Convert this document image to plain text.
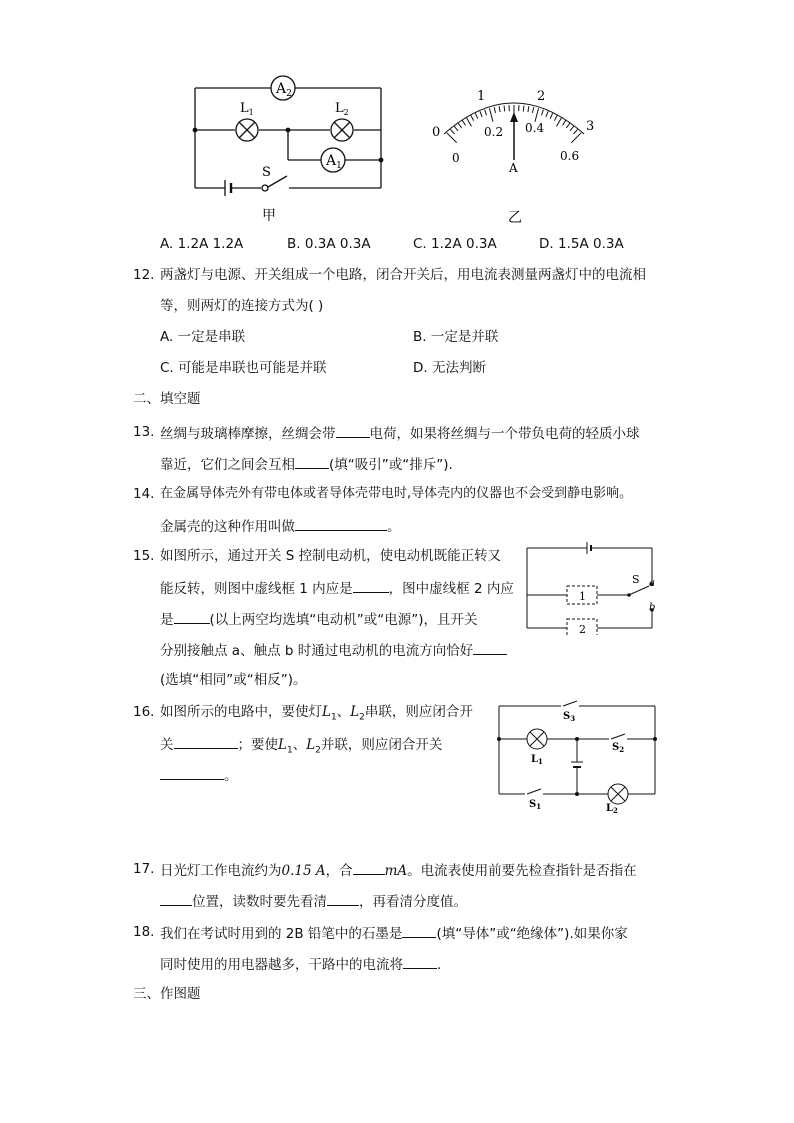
$A_2$
$A_1$
$L_1$	$L_2$
S
甲
0
1	2
3
0
0.2 0.4
0.6
A
乙
A. 1.2A 1.2A	B. 0.3A 0.3A	C. 1.2A 0.3A	D. 1.5A 0.3A
12. 两盏灯与电源、开关组成一个电路，闭合开关后，用电流表测量两盏灯中的电流相
等，则两灯的连接方式为( )
A. 一定是串联	B. 一定是并联
C. 可能是串联也可能是并联	D. 无法判断
二、填空题
13. 丝绸与玻璃棒摩擦，丝绸会带	电荷，如果将丝绸与一个带负电荷的轻质小球
靠近，它们之间会互相	(填“吸引”或“排斥”).
14. 在金属导体壳外有带电体或者导体壳带电时,导体壳内的仪器也不会受到静电影响。
金属壳的这种作用叫做	。
15. 如图所示，通过开关 S 控制电动机，使电动机既能正转又
能反转，则图中虚线框 1 内应是	，图中虚线框 2 内应
是	(以上两空均选填“电动机”或“电源”)，且开关
分别接触点 a、触点 b 时通过电动机的电流方向恰好
(选填“相同”或“相反”)。
1
2
S a
b
16. 如图所示的电路中，要使灯$L_1$、$L_2$串联，则应闭合开
关	；要使$L_1$、$L_2$并联，则应闭合开关
。
$S_3$
$S_2$
$S_1$
$L_1$
$L_2$
17. 日光灯工作电流约为0.15 A，合 mA。电流表使用前要先检查指针是否指在
位置，读数时要先看清 ，再看清分度值。
18. 我们在考试时用到的 2B 铅笔中的石墨是	(填“导体”或“绝缘体”).如果你家
同时使用的用电器越多，干路中的电流将	.
三、作图题
